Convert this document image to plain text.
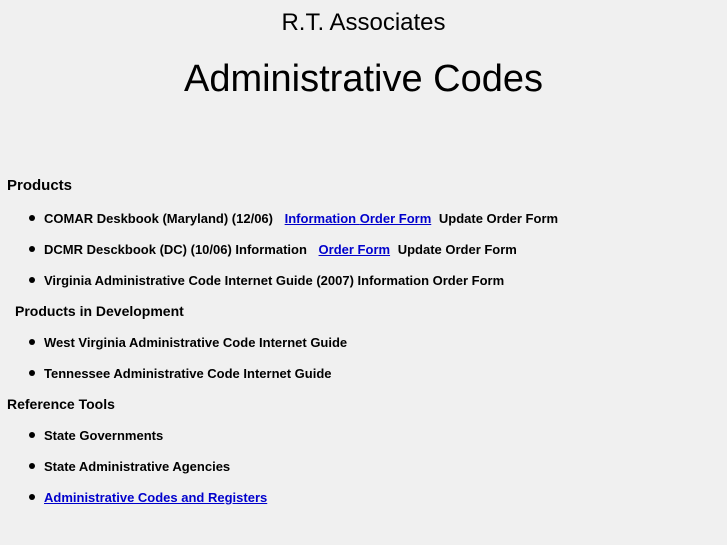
R.T. Associates
Administrative Codes
Products
COMAR Deskbook (Maryland) (12/06) Information Order Form Update Order Form
DCMR Desckbook (DC) (10/06) Information Order Form Update Order Form
Virginia Administrative Code Internet Guide (2007) Information Order Form
Products in Development
West Virginia Administrative Code Internet Guide
Tennessee Administrative Code Internet Guide
Reference Tools
State Governments
State Administrative Agencies
Administrative Codes and Registers
